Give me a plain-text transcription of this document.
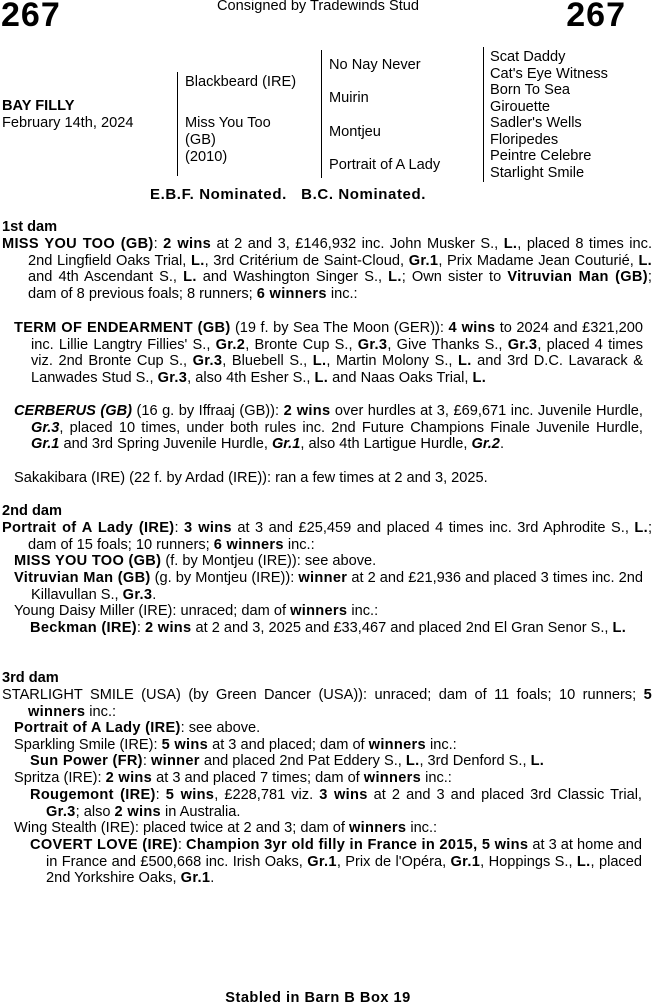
267	Consigned by Tradewinds Stud	267
BAY FILLY
February 14th, 2024
Blackbeard (IRE)
Miss You Too
(GB)
(2010)
No Nay Never
Muirin
Montjeu
Portrait of A Lady
Scat Daddy
Cat's Eye Witness
Born To Sea
Girouette
Sadler's Wells
Floripedes
Peintre Celebre
Starlight Smile
E.B.F. Nominated.   B.C. Nominated.
1st dam
MISS YOU TOO (GB): 2 wins at 2 and 3, £146,932 inc. John Musker S., L., placed 8 times inc. 2nd Lingfield Oaks Trial, L., 3rd Critérium de Saint-Cloud, Gr.1, Prix Madame Jean Couturié, L. and 4th Ascendant S., L. and Washington Singer S., L.; Own sister to Vitruvian Man (GB); dam of 8 previous foals; 8 runners; 6 winners inc.:
TERM OF ENDEARMENT (GB) (19 f. by Sea The Moon (GER)): 4 wins to 2024 and £321,200 inc. Lillie Langtry Fillies' S., Gr.2, Bronte Cup S., Gr.3, Give Thanks S., Gr.3, placed 4 times viz. 2nd Bronte Cup S., Gr.3, Bluebell S., L., Martin Molony S., L. and 3rd D.C. Lavarack & Lanwades Stud S., Gr.3, also 4th Esher S., L. and Naas Oaks Trial, L.
CERBERUS (GB) (16 g. by Iffraaj (GB)): 2 wins over hurdles at 3, £69,671 inc. Juvenile Hurdle, Gr.3, placed 10 times, under both rules inc. 2nd Future Champions Finale Juvenile Hurdle, Gr.1 and 3rd Spring Juvenile Hurdle, Gr.1, also 4th Lartigue Hurdle, Gr.2.
Sakakibara (IRE) (22 f. by Ardad (IRE)): ran a few times at 2 and 3, 2025.
2nd dam
Portrait of A Lady (IRE): 3 wins at 3 and £25,459 and placed 4 times inc. 3rd Aphrodite S., L.; dam of 15 foals; 10 runners; 6 winners inc.:
MISS YOU TOO (GB) (f. by Montjeu (IRE)): see above.
Vitruvian Man (GB) (g. by Montjeu (IRE)): winner at 2 and £21,936 and placed 3 times inc. 2nd Killavullan S., Gr.3.
Young Daisy Miller (IRE): unraced; dam of winners inc.:
Beckman (IRE): 2 wins at 2 and 3, 2025 and £33,467 and placed 2nd El Gran Senor S., L.
3rd dam
STARLIGHT SMILE (USA) (by Green Dancer (USA)): unraced; dam of 11 foals; 10 runners; 5 winners inc.:
Portrait of A Lady (IRE): see above.
Sparkling Smile (IRE): 5 wins at 3 and placed; dam of winners inc.:
Sun Power (FR): winner and placed 2nd Pat Eddery S., L., 3rd Denford S., L.
Spritza (IRE): 2 wins at 3 and placed 7 times; dam of winners inc.:
Rougemont (IRE): 5 wins, £228,781 viz. 3 wins at 2 and 3 and placed 3rd Classic Trial, Gr.3; also 2 wins in Australia.
Wing Stealth (IRE): placed twice at 2 and 3; dam of winners inc.:
COVERT LOVE (IRE): Champion 3yr old filly in France in 2015, 5 wins at 3 at home and in France and £500,668 inc. Irish Oaks, Gr.1, Prix de l'Opéra, Gr.1, Hoppings S., L., placed 2nd Yorkshire Oaks, Gr.1.
Stabled in Barn B Box 19
